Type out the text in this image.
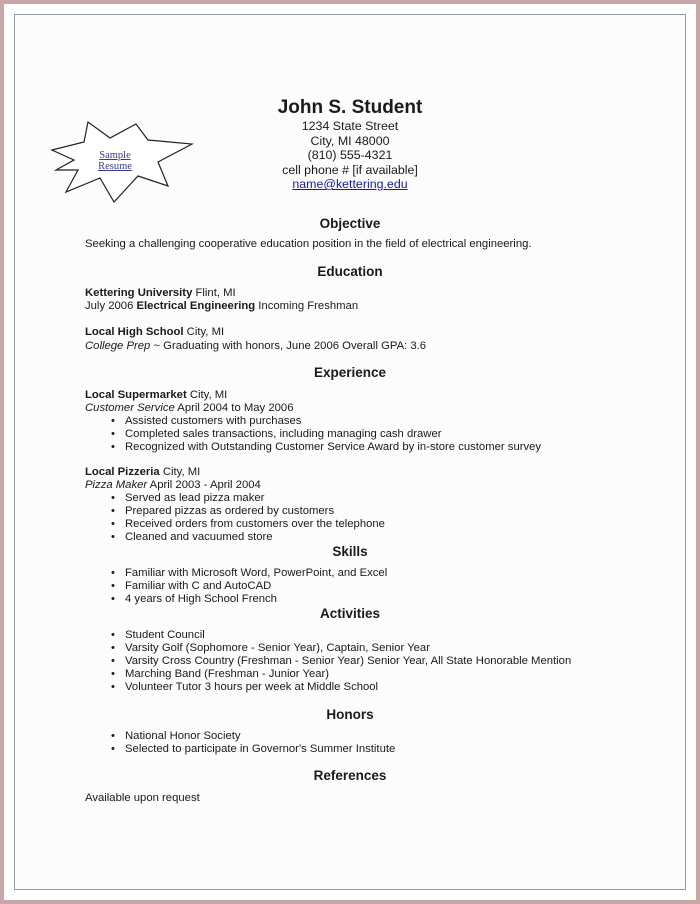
Sample
Resume
John S. Student
1234 State Street
City, MI 48000
(810) 555-4321
cell phone # [if available]
name@kettering.edu
Objective
Seeking a challenging cooperative education position in the field of electrical engineering.
Education
Kettering University Flint, MI
July 2006 Electrical Engineering Incoming Freshman
Local High School City, MI
College Prep ~ Graduating with honors, June 2006 Overall GPA: 3.6
Experience
Local Supermarket City, MI
Customer Service April 2004 to May 2006
• Assisted customers with purchases
• Completed sales transactions, including managing cash drawer
• Recognized with Outstanding Customer Service Award by in-store customer survey
Local Pizzeria City, MI
Pizza Maker April 2003 - April 2004
• Served as lead pizza maker
• Prepared pizzas as ordered by customers
• Received orders from customers over the telephone
• Cleaned and vacuumed store
Skills
• Familiar with Microsoft Word, PowerPoint, and Excel
• Familiar with C and AutoCAD
• 4 years of High School French
Activities
• Student Council
• Varsity Golf (Sophomore - Senior Year), Captain, Senior Year
• Varsity Cross Country (Freshman - Senior Year) Senior Year, All State Honorable Mention
• Marching Band (Freshman - Junior Year)
• Volunteer Tutor 3 hours per week at Middle School
Honors
• National Honor Society
• Selected to participate in Governor's Summer Institute
References
Available upon request
